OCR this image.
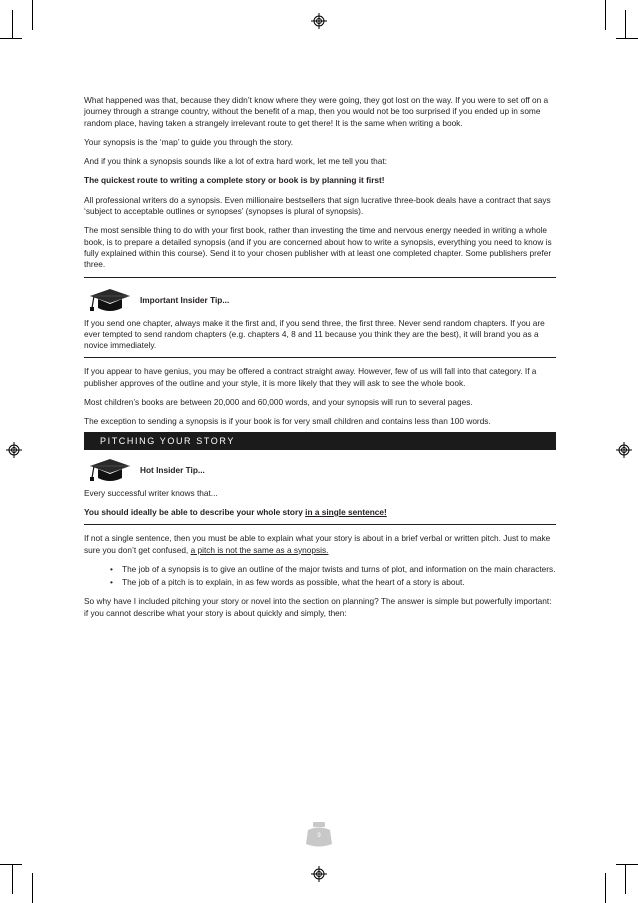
What happened was that, because they didn’t know where they were going, they got lost on the way. If you were to set off on a journey through a strange country, without the benefit of a map, then you would not be too surprised if you ended up in some random place, having taken a strangely irrelevant route to get there! It is the same when writing a book.

Your synopsis is the ‘map’ to guide you through the story.

And if you think a synopsis sounds like a lot of extra hard work, let me tell you that:

The quickest route to writing a complete story or book is by planning it first!

All professional writers do a synopsis. Even millionaire bestsellers that sign lucrative three-book deals have a contract that says ‘subject to acceptable outlines or synopses’ (synopses is plural of synopsis).

The most sensible thing to do with your first book, rather than investing the time and nervous energy needed in writing a whole book, is to prepare a detailed synopsis (and if you are concerned about how to write a synopsis, everything you need to know is fully explained within this course). Send it to your chosen publisher with at least one completed chapter. Some publishers prefer three.

Important Insider Tip...

If you send one chapter, always make it the first and, if you send three, the first three. Never send random chapters. If you are ever tempted to send random chapters (e.g. chapters 4, 8 and 11 because you think they are the best), it will brand you as a novice immediately.

If you appear to have genius, you may be offered a contract straight away. However, few of us will fall into that category. If a publisher approves of the outline and your style, it is more likely that they will ask to see the whole book.

Most children’s books are between 20,000 and 60,000 words, and your synopsis will run to several pages.

The exception to sending a synopsis is if your book is for very small children and contains less than 100 words.

PITCHING YOUR STORY
Hot Insider Tip...

Every successful writer knows that...

You should ideally be able to describe your whole story in a single sentence!

If not a single sentence, then you must be able to explain what your story is about in a brief verbal or written pitch. Just to make sure you don’t get confused, a pitch is not the same as a synopsis.

• The job of a synopsis is to give an outline of the major twists and turns of plot, and information on the main characters.
• The job of a pitch is to explain, in as few words as possible, what the heart of a story is about.

So why have I included pitching your story or novel into the section on planning? The answer is simple but powerfully important: if you cannot describe what your story is about quickly and simply, then:

9
